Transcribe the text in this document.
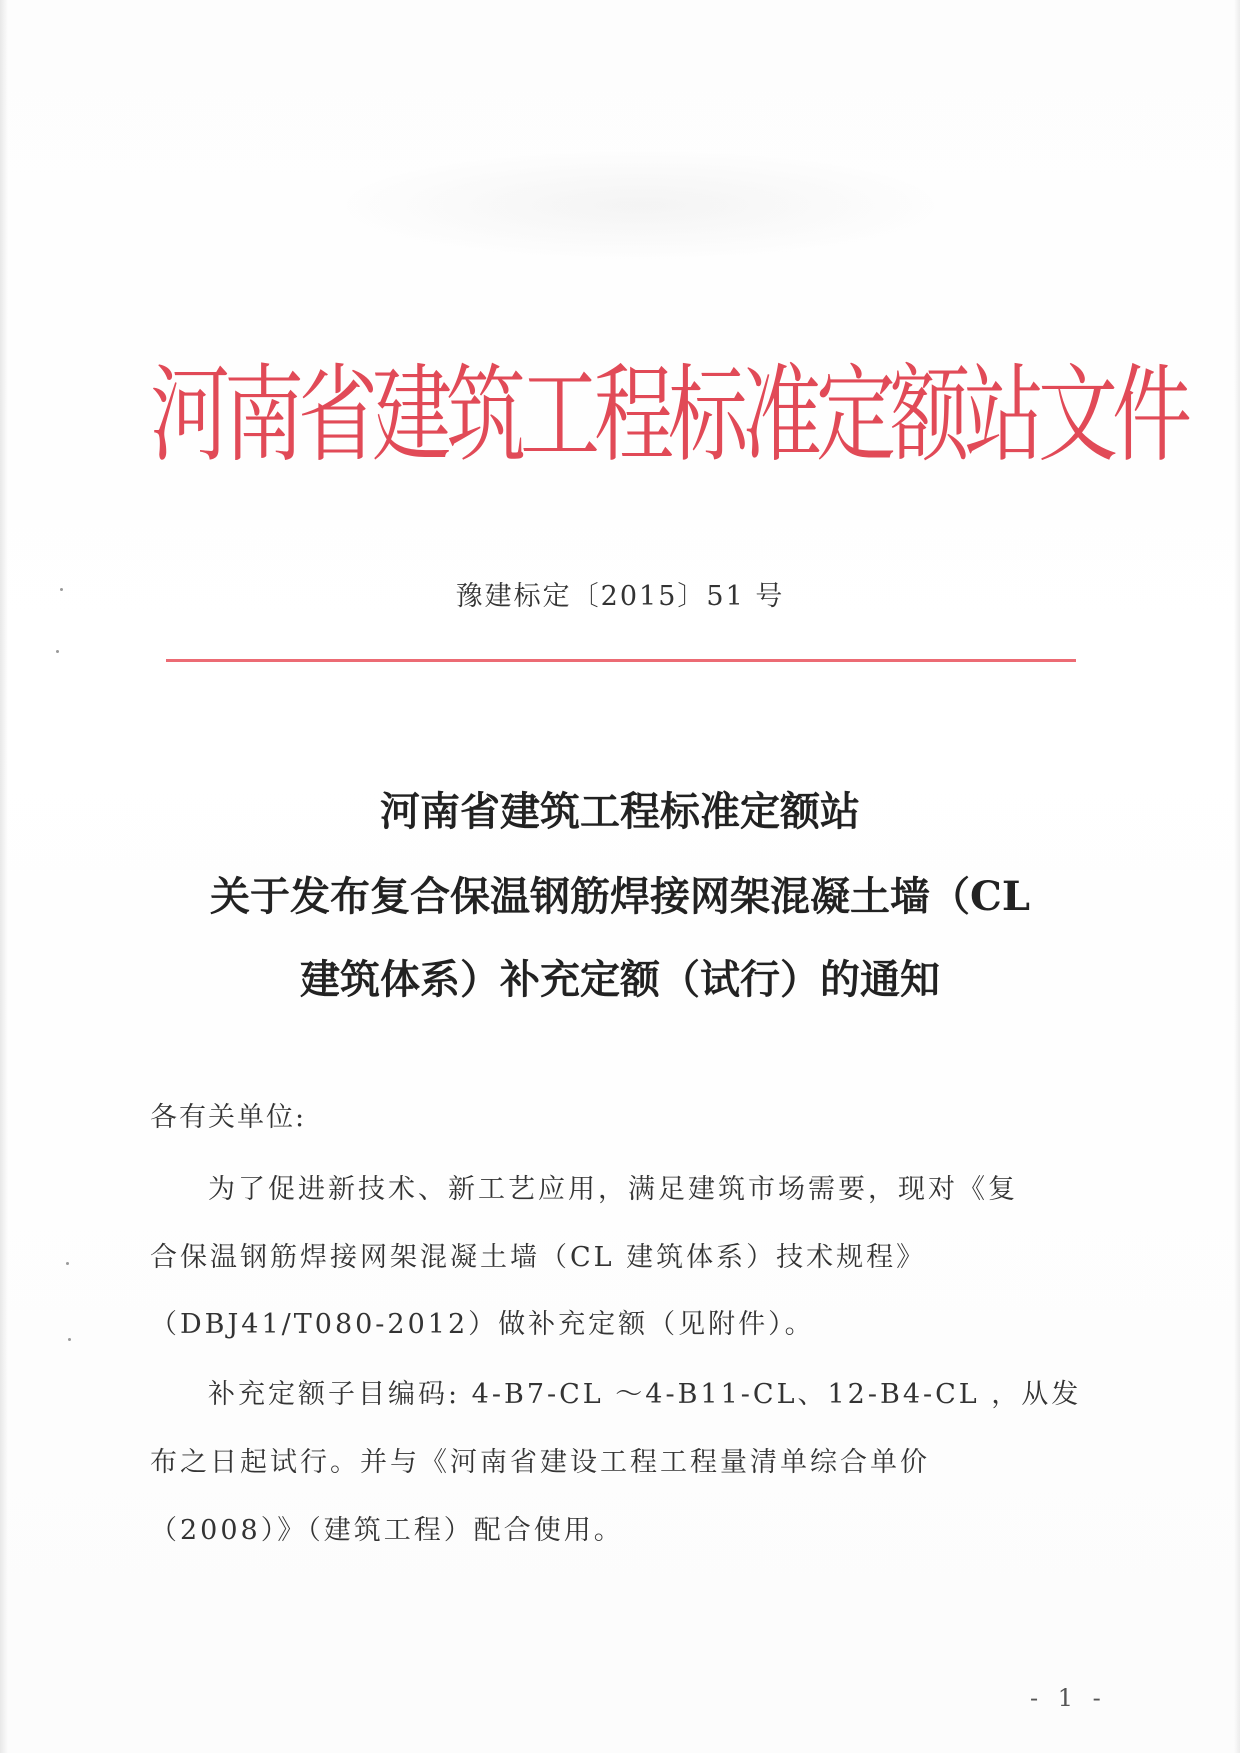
河南省建筑工程标准定额站文件
豫建标定〔2015〕51 号
河南省建筑工程标准定额站
关于发布复合保温钢筋焊接网架混凝土墙（CL
建筑体系）补充定额（试行）的通知
各有关单位:
为了促进新技术、新工艺应用，满足建筑市场需要，现对《复
合保温钢筋焊接网架混凝土墙（CL 建筑体系）技术规程》
（DBJ41/T080-2012）做补充定额（见附件）。
补充定额子目编码: 4-B7-CL ～4-B11-CL、12-B4-CL ，从发
布之日起试行。并与《河南省建设工程工程量清单综合单价
（2008）》（建筑工程）配合使用。
- 1 -
